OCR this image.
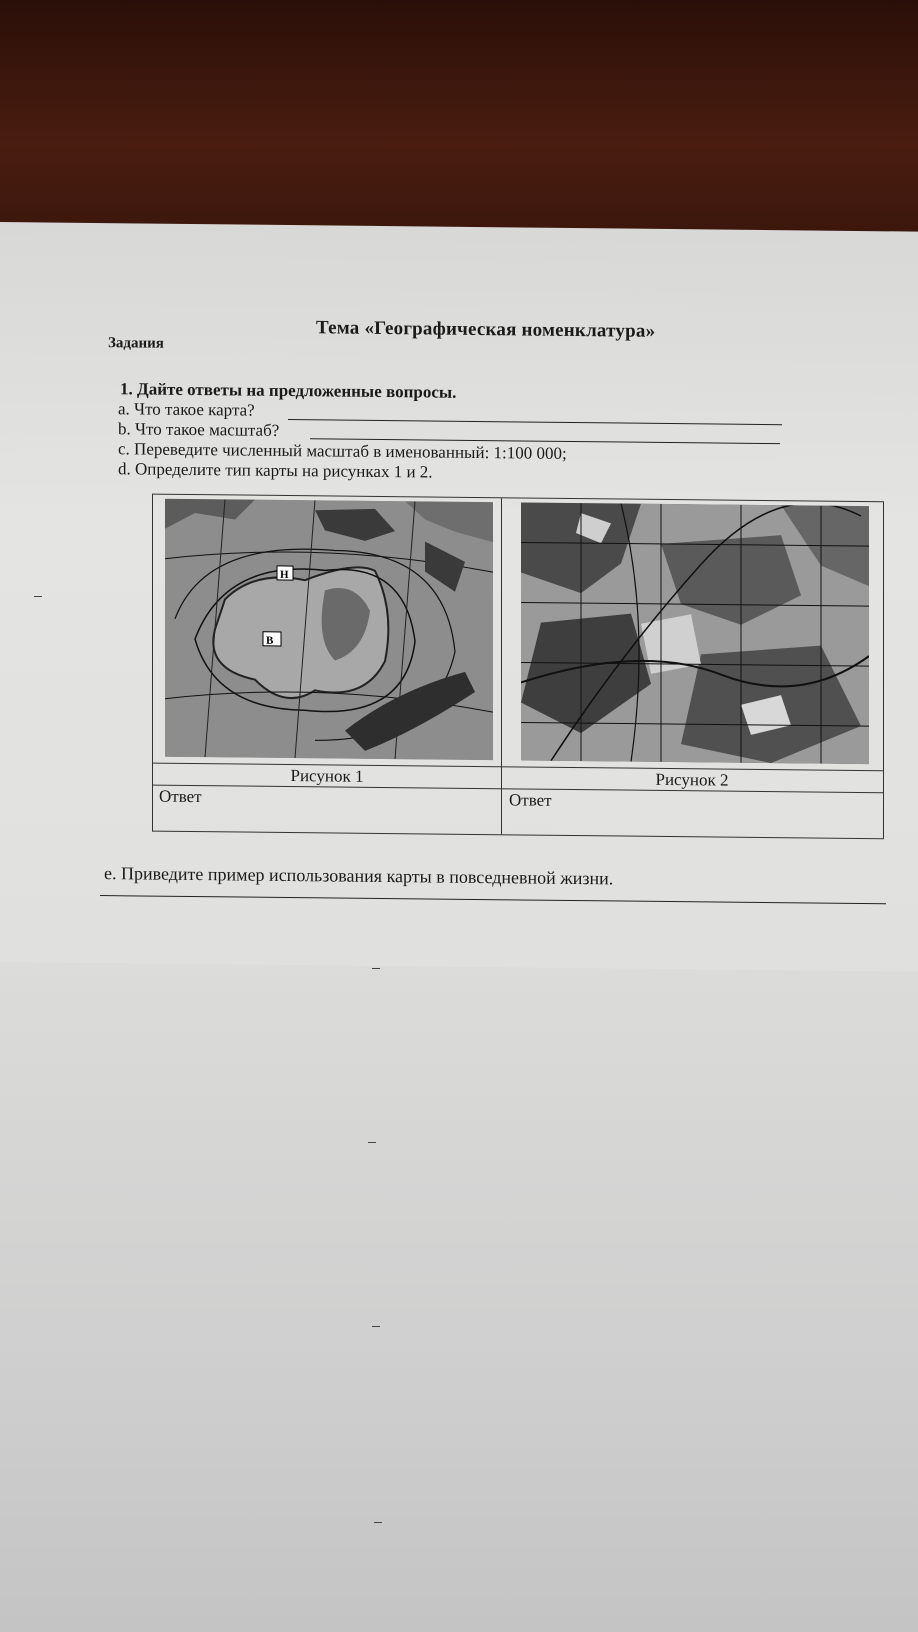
Тема «Географическая номенклатура»
Задания
1. Дайте ответы на предложенные вопросы.
a. Что такое карта?
b. Что такое масштаб?
c. Переведите численный масштаб в именованный: 1:100 000;
d. Определите тип карты на рисунках 1 и 2.
Н
В
Рисунок 1	Рисунок 2
Ответ	Ответ
e. Приведите пример использования карты в повседневной жизни.
